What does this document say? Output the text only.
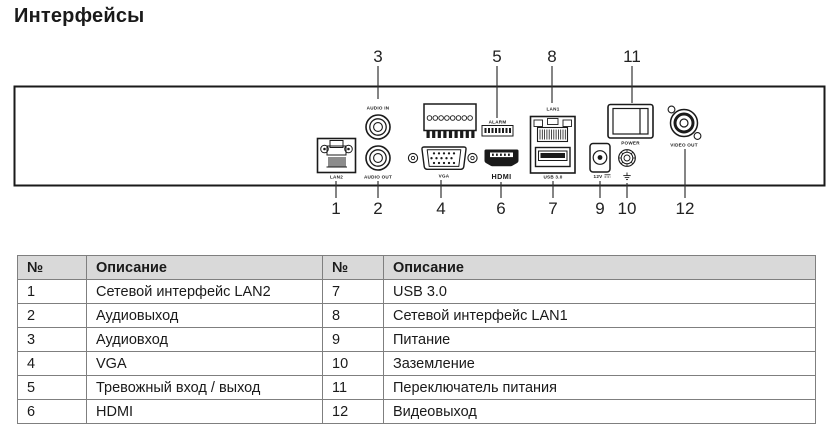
Интерфейсы
3	5	8	11
LAN2
AUDIO IN
AUDIO OUT
ALARM
VGA	HDMI
LAN1
USB 3.0	12V
POWER	VIDEO OUT
1 2	4	6	7 9 10 12
№	Описание	№	Описание
1	Сетевой интерфейс LAN2	7	USB 3.0
2	Аудиовыход	8	Сетевой интерфейс LAN1
3	Аудиовход	9	Питание
4	VGA	10	Заземление
5	Тревожный вход / выход	11	Переключатель питания
6	HDMI	12	Видеовыход
